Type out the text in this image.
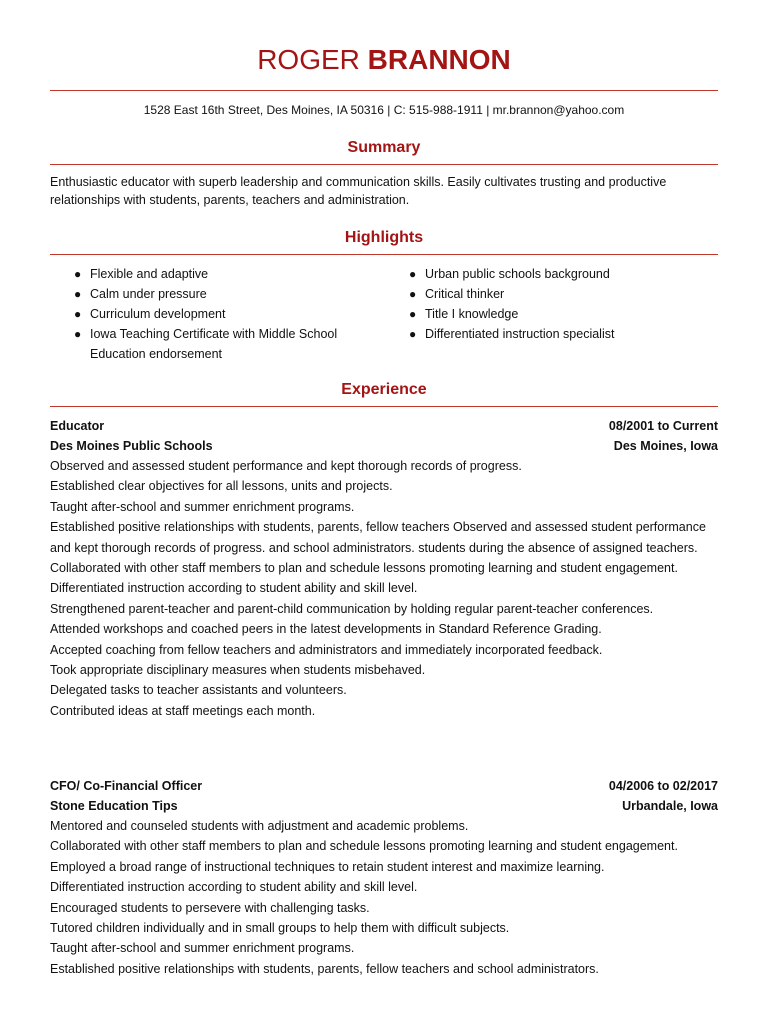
ROGER BRANNON
1528 East 16th Street, Des Moines, IA 50316 | C: 515-988-1911 | mr.brannon@yahoo.com
Summary

Enthusiastic educator with superb leadership and communication skills. Easily cultivates trusting and productive relationships with students, parents, teachers and administration.

Highlights
● Flexible and adaptive
● Calm under pressure
● Curriculum development
● Iowa Teaching Certificate with Middle School Education endorsement
● Urban public schools background
● Critical thinker
● Title I knowledge
● Differentiated instruction specialist
Experience
Educator	08/2001 to Current
Des Moines Public Schools	Des Moines, Iowa
Observed and assessed student performance and kept thorough records of progress.
Established clear objectives for all lessons, units and projects.
Taught after-school and summer enrichment programs.
Established positive relationships with students, parents, fellow teachers Observed and assessed student performance and kept thorough records of progress. and school administrators. students during the absence of assigned teachers.
Collaborated with other staff members to plan and schedule lessons promoting learning and student engagement.
Differentiated instruction according to student ability and skill level.
Strengthened parent-teacher and parent-child communication by holding regular parent-teacher conferences.
Attended workshops and coached peers in the latest developments in Standard Reference Grading.
Accepted coaching from fellow teachers and administrators and immediately incorporated feedback.
Took appropriate disciplinary measures when students misbehaved.
Delegated tasks to teacher assistants and volunteers.
Contributed ideas at staff meetings each month.
CFO/ Co-Financial Officer	04/2006 to 02/2017
Stone Education Tips	Urbandale, Iowa
Mentored and counseled students with adjustment and academic problems.
Collaborated with other staff members to plan and schedule lessons promoting learning and student engagement.
Employed a broad range of instructional techniques to retain student interest and maximize learning.
Differentiated instruction according to student ability and skill level.
Encouraged students to persevere with challenging tasks.
Tutored children individually and in small groups to help them with difficult subjects.
Taught after-school and summer enrichment programs.
Established positive relationships with students, parents, fellow teachers and school administrators.
